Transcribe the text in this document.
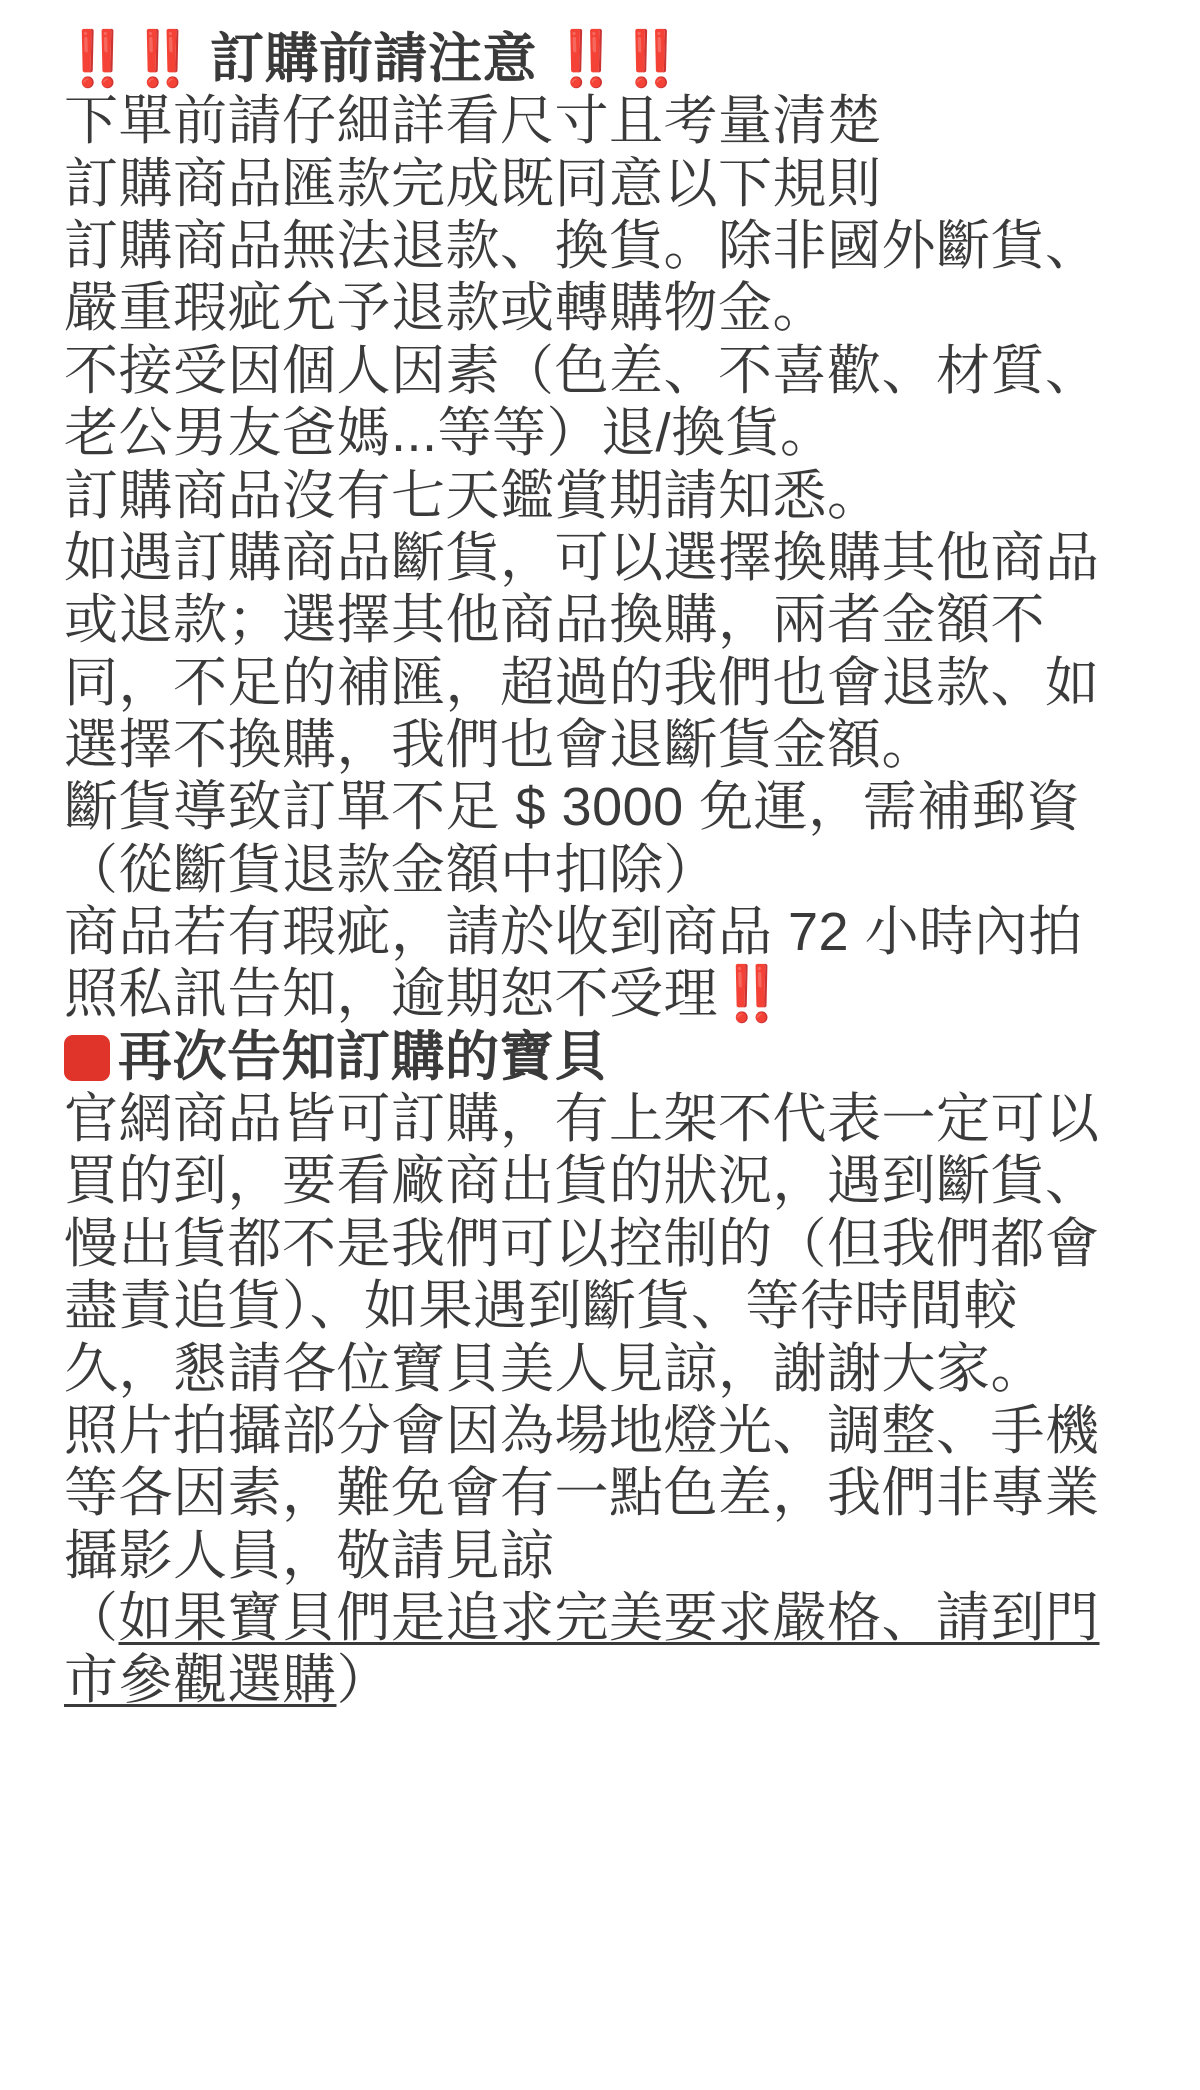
‼️‼️ 訂購前請注意 ‼️‼️
下單前請仔細詳看尺寸且考量清楚
訂購商品匯款完成既同意以下規則
訂購商品無法退款、換貨。除非國外斷貨、
嚴重瑕疵允予退款或轉購物金。
不接受因個人因素（色差、不喜歡、材質、
老公男友爸媽...等等）退/換貨。
訂購商品沒有七天鑑賞期請知悉。
如遇訂購商品斷貨，可以選擇換購其他商品
或退款；選擇其他商品換購，兩者金額不
同，不足的補匯，超過的我們也會退款、如
選擇不換購，我們也會退斷貨金額。
斷貨導致訂單不足 $ 3000 免運，需補郵資
（從斷貨退款金額中扣除）
商品若有瑕疵，請於收到商品 72 小時內拍
照私訊告知，逾期恕不受理‼️
再次告知訂購的寶貝
官網商品皆可訂購，有上架不代表一定可以
買的到，要看廠商出貨的狀況，遇到斷貨、
慢出貨都不是我們可以控制的（但我們都會
盡責追貨）、如果遇到斷貨、等待時間較
久，懇請各位寶貝美人見諒，謝謝大家。
照片拍攝部分會因為場地燈光、調整、手機
等各因素，難免會有一點色差，我們非專業
攝影人員，敬請見諒
（如果寶貝們是追求完美要求嚴格、請到門市參觀選購）
